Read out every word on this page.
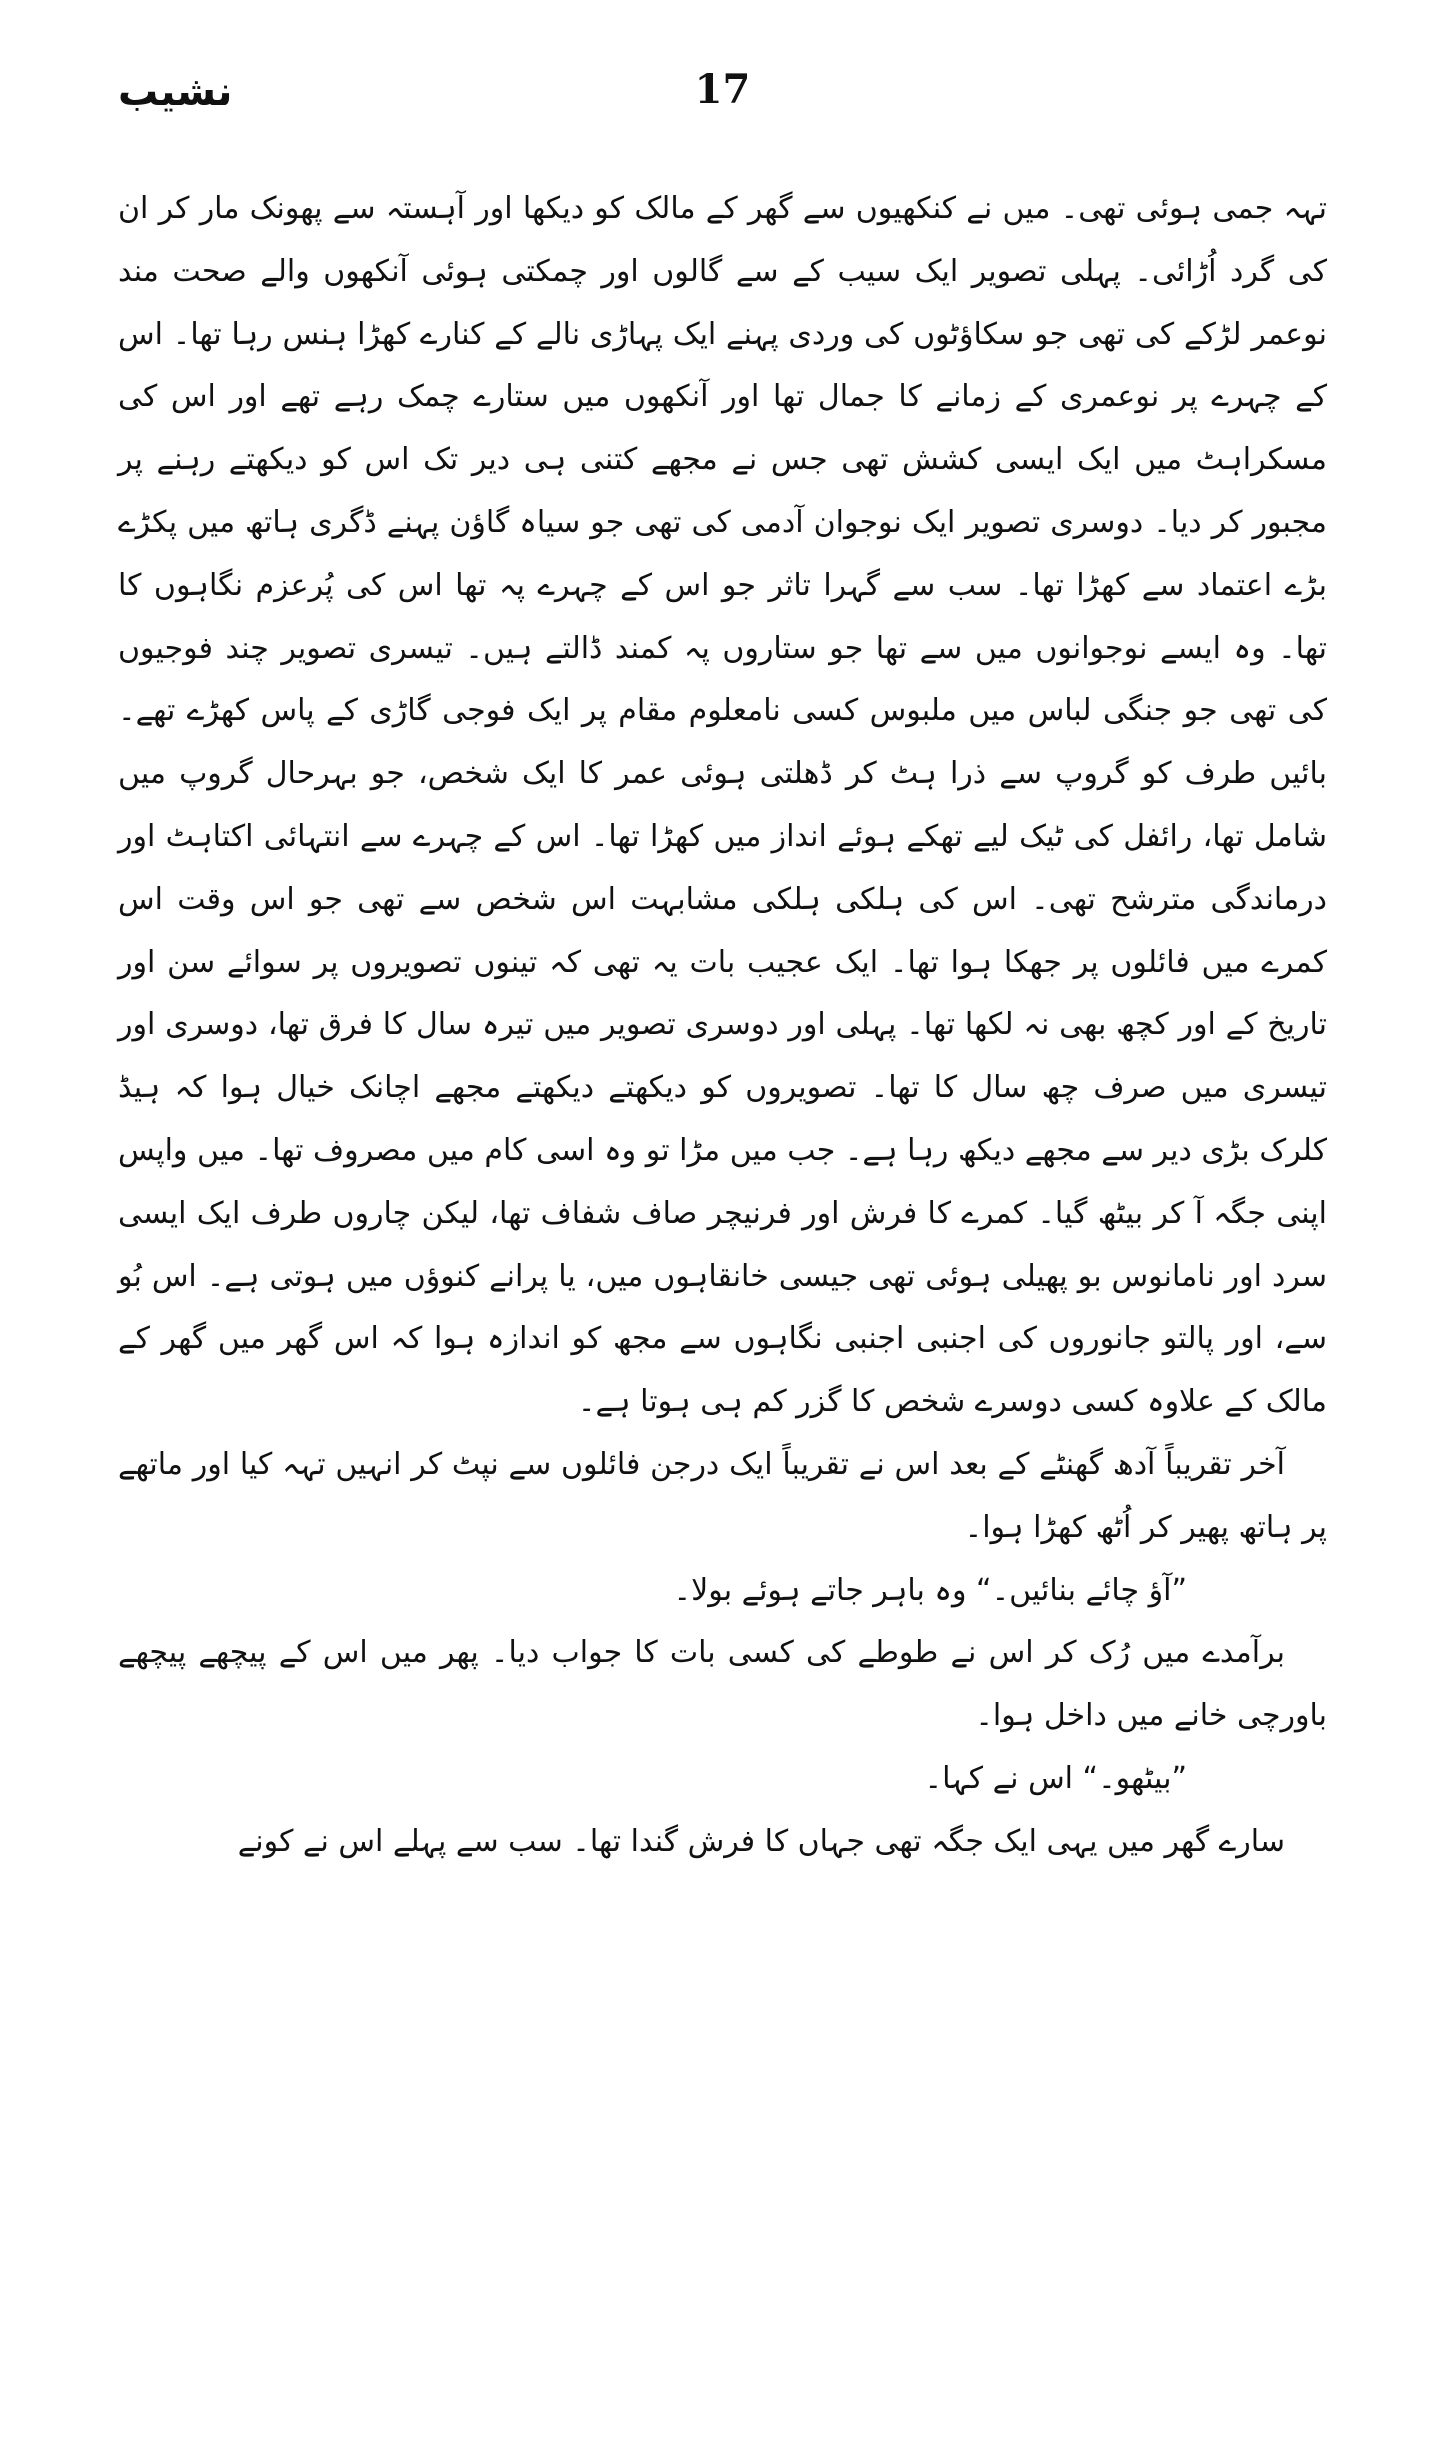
17
نشیب

تہہ جمی ہوئی تھی۔ میں نے کنکھیوں سے گھر کے مالک کو دیکھا اور آہستہ سے پھونک مار کر ان کی گرد اُڑائی۔ پہلی تصویر ایک سیب کے سے گالوں اور چمکتی ہوئی آنکھوں والے صحت مند نوعمر لڑکے کی تھی جو سکاؤٹوں کی وردی پہنے ایک پہاڑی نالے کے کنارے کھڑا ہنس رہا تھا۔ اس کے چہرے پر نوعمری کے زمانے کا جمال تھا اور آنکھوں میں ستارے چمک رہے تھے اور اس کی مسکراہٹ میں ایک ایسی کشش تھی جس نے مجھے کتنی ہی دیر تک اس کو دیکھتے رہنے پر مجبور کر دیا۔ دوسری تصویر ایک نوجوان آدمی کی تھی جو سیاہ گاؤن پہنے ڈگری ہاتھ میں پکڑے بڑے اعتماد سے کھڑا تھا۔ سب سے گہرا تاثر جو اس کے چہرے پہ تھا اس کی پُرعزم نگاہوں کا تھا۔ وہ ایسے نوجوانوں میں سے تھا جو ستاروں پہ کمند ڈالتے ہیں۔ تیسری تصویر چند فوجیوں کی تھی جو جنگی لباس میں ملبوس کسی نامعلوم مقام پر ایک فوجی گاڑی کے پاس کھڑے تھے۔ بائیں طرف کو گروپ سے ذرا ہٹ کر ڈھلتی ہوئی عمر کا ایک شخص، جو بہرحال گروپ میں شامل تھا، رائفل کی ٹیک لیے تھکے ہوئے انداز میں کھڑا تھا۔ اس کے چہرے سے انتہائی اکتاہٹ اور درماندگی مترشح تھی۔ اس کی ہلکی ہلکی مشابہت اس شخص سے تھی جو اس وقت اس کمرے میں فائلوں پر جھکا ہوا تھا۔ ایک عجیب بات یہ تھی کہ تینوں تصویروں پر سوائے سن اور تاریخ کے اور کچھ بھی نہ لکھا تھا۔ پہلی اور دوسری تصویر میں تیرہ سال کا فرق تھا، دوسری اور تیسری میں صرف چھ سال کا تھا۔ تصویروں کو دیکھتے دیکھتے مجھے اچانک خیال ہوا کہ ہیڈ کلرک بڑی دیر سے مجھے دیکھ رہا ہے۔ جب میں مڑا تو وہ اسی کام میں مصروف تھا۔ میں واپس اپنی جگہ آ کر بیٹھ گیا۔ کمرے کا فرش اور فرنیچر صاف شفاف تھا، لیکن چاروں طرف ایک ایسی سرد اور نامانوس بو پھیلی ہوئی تھی جیسی خانقاہوں میں، یا پرانے کنوؤں میں ہوتی ہے۔ اس بُو سے، اور پالتو جانوروں کی اجنبی اجنبی نگاہوں سے مجھ کو اندازہ ہوا کہ اس گھر میں گھر کے مالک کے علاوہ کسی دوسرے شخص کا گزر کم ہی ہوتا ہے۔

آخر تقریباً آدھ گھنٹے کے بعد اس نے تقریباً ایک درجن فائلوں سے نپٹ کر انہیں تہہ کیا اور ماتھے پر ہاتھ پھیر کر اُٹھ کھڑا ہوا۔

”آؤ چائے بنائیں۔“ وہ باہر جاتے ہوئے بولا۔

برآمدے میں رُک کر اس نے طوطے کی کسی بات کا جواب دیا۔ پھر میں اس کے پیچھے پیچھے باورچی خانے میں داخل ہوا۔

”بیٹھو۔“ اس نے کہا۔

سارے گھر میں یہی ایک جگہ تھی جہاں کا فرش گندا تھا۔ سب سے پہلے اس نے کونے
